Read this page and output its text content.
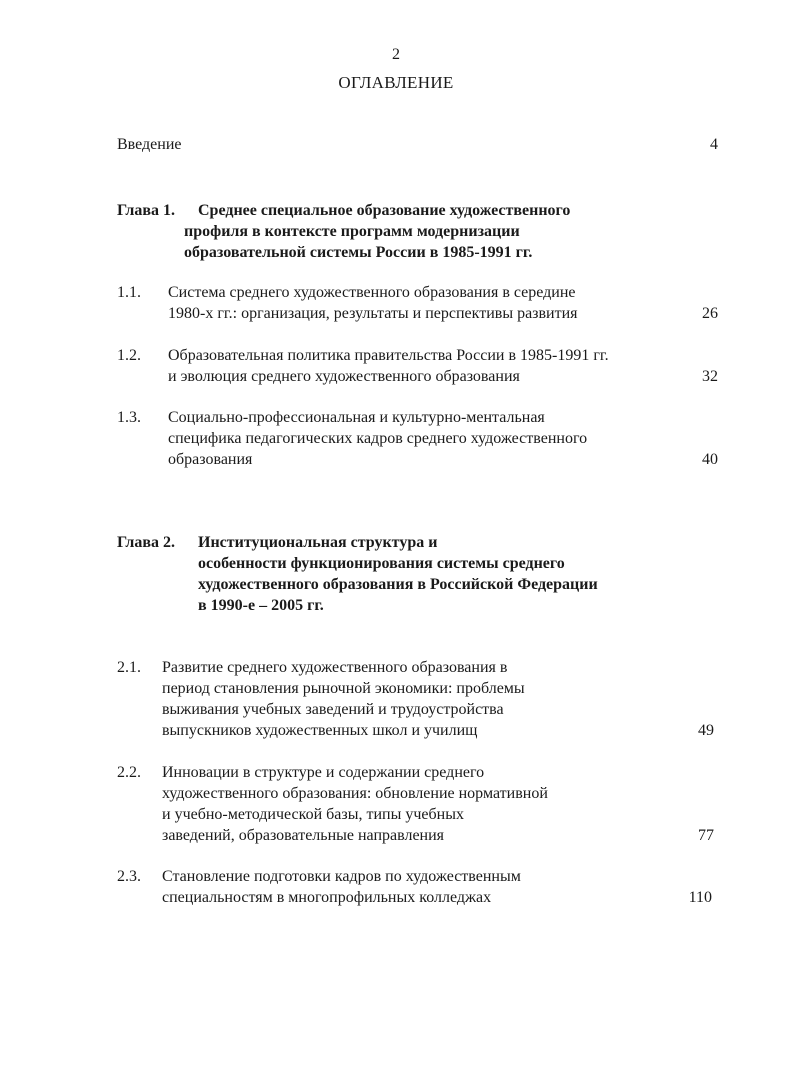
2
ОГЛАВЛЕНИЕ
Введение	4
Глава 1. Среднее специальное образование художественного
профиля в контексте программ модернизации
образовательной системы России в 1985-1991 гг.
1.1. Система среднего художественного образования в середине
1980-х гг.: организация, результаты и перспективы развития	26
1.2. Образовательная политика правительства России в 1985-1991 гг.
и эволюция среднего художественного образования	32
1.3. Социально-профессиональная и культурно-ментальная
специфика педагогических кадров среднего художественного
образования	40
Глава 2. Институциональная структура и
особенности функционирования системы среднего
художественного образования в Российской Федерации
в 1990-е – 2005 гг.
2.1. Развитие среднего художественного образования в
период становления рыночной экономики: проблемы
выживания учебных заведений и трудоустройства
выпускников художественных школ и училищ	49
2.2. Инновации в структуре и содержании среднего
художественного образования: обновление нормативной
и учебно-методической базы, типы учебных
заведений, образовательные направления	77
2.3. Становление подготовки кадров по художественным
специальностям в многопрофильных колледжах	110
